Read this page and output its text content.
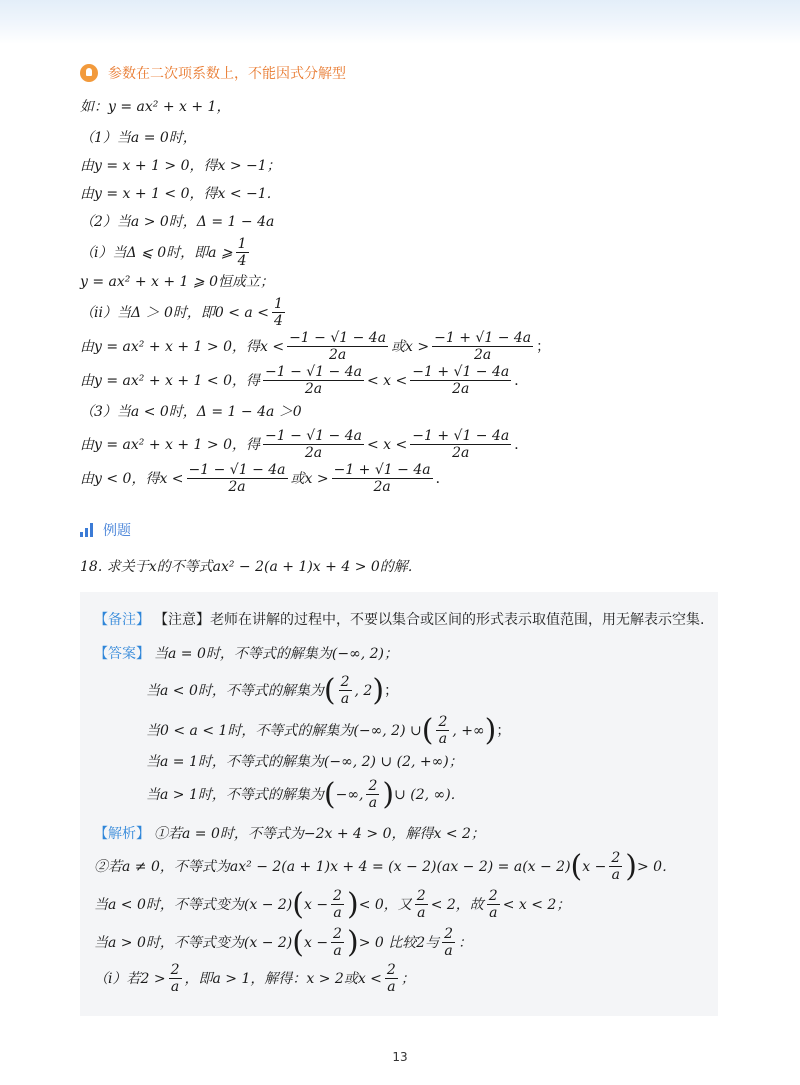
参数在二次项系数上，不能因式分解型
如：y = ax² + x + 1，
（1）当a = 0时，
由y = x + 1 > 0，得x > −1；
由y = x + 1 < 0，得x < −1．
（2）当a > 0时，Δ = 1 − 4a
（i）当Δ ⩽ 0时，即a ⩾ $\frac{1}{4}$
y = ax² + x + 1 ⩾ 0恒成立；
（ii）当Δ ＞ 0时，即$0 < a < \frac{1}{4}$
由y = ax² + x + 1 > 0，得$x < \frac{-1 - √1 - 4a}{2a}$ 或$x > \frac{-1 + √1 - 4a}{2a}$ ；
由y = ax² + x + 1 < 0，得 $\frac{-1 - √1 - 4a}{2a} < x < \frac{-1 + √1 - 4a}{2a}$ ．
（3）当a < 0时，Δ = 1 − 4a ＞0
由y = ax² + x + 1 > 0，得 $\frac{-1 - √1 - 4a}{2a} < x < \frac{-1 + √1 - 4a}{2a}$ ．
由y < 0，得$x < \frac{-1 - √1 - 4a}{2a}$ 或$x > \frac{-1 + √1 - 4a}{2a}$ ．
例题
18. 求关于x的不等式ax² − 2(a + 1)x + 4 > 0的解．
【备注】 【注意】老师在讲解的过程中，不要以集合或区间的形式表示取值范围，用无解表示空集.
【答案】 当a = 0时，不等式的解集为(−∞, 2)；
当a < 0时，不等式的解集为 ( $\frac{2}{a}$ , 2 ) ；
当0 < a < 1时，不等式的解集为(−∞, 2) ∪ ( $\frac{2}{a}$ , +∞ ) ；
当a = 1时，不等式的解集为(−∞, 2) ∪ (2, +∞)；
当a > 1时，不等式的解集为 ( −∞, $\frac{2}{a}$ ) ∪ (2, ∞)．
【解析】 ①若a = 0时，不等式为−2x + 4 > 0，解得x < 2；
②若a ≠ 0，不等式为ax² − 2(a + 1)x + 4 = (x − 2)(ax − 2) = a(x − 2) ( $x - \frac{2}{a}$ ) > 0．
当a < 0时，不等式变为(x − 2) ( $x - \frac{2}{a}$ ) < 0，又 $\frac{2}{a} < 2$，故 $\frac{2}{a} < x < 2$；
当a > 0时，不等式变为(x − 2) ( $x - \frac{2}{a}$ ) > 0 比较2与 $\frac{2}{a}$ ：
（i）若$2 > \frac{2}{a}$ ，即a > 1，解得：x > 2或$x < \frac{2}{a}$ ；
13
